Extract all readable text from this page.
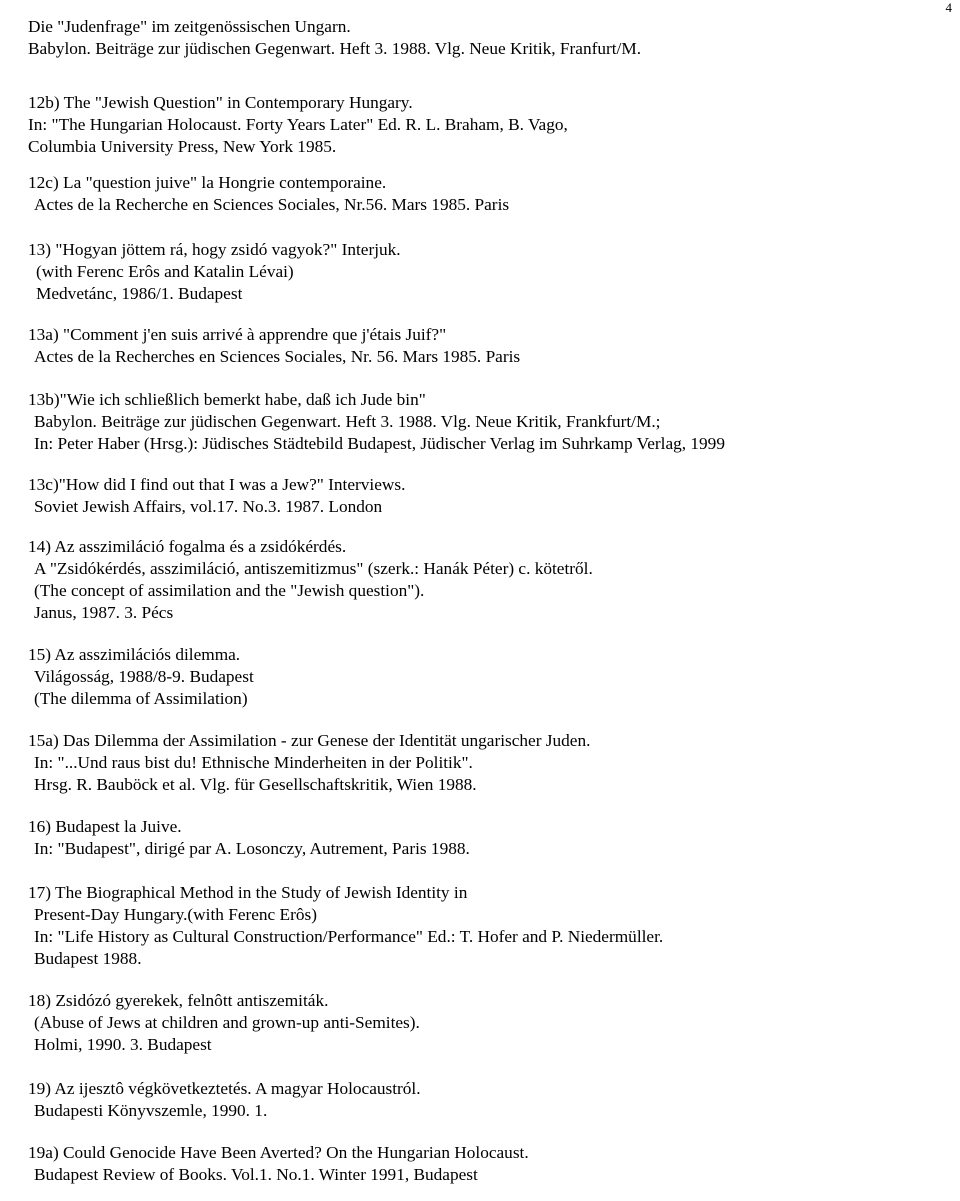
4
Die "Judenfrage" im zeitgenössischen Ungarn.
Babylon. Beiträge zur jüdischen Gegenwart. Heft 3. 1988. Vlg. Neue Kritik, Franfurt/M.
12b) The "Jewish Question" in Contemporary Hungary.
In: "The Hungarian Holocaust. Forty Years Later" Ed. R. L. Braham, B. Vago,
Columbia University Press, New York 1985.
12c) La "question juive" la Hongrie contemporaine.
Actes de la Recherche en Sciences Sociales, Nr.56. Mars 1985. Paris
13) "Hogyan jöttem rá, hogy zsidó vagyok?" Interjuk.
(with Ferenc Erôs and Katalin Lévai)
Medvetánc, 1986/1. Budapest
13a) "Comment j'en suis arrivé à apprendre que j'étais Juif?"
Actes de la Recherches en Sciences Sociales, Nr. 56. Mars 1985. Paris
13b)"Wie ich schließlich bemerkt habe, daß ich Jude bin"
Babylon. Beiträge zur jüdischen Gegenwart. Heft 3. 1988. Vlg. Neue Kritik, Frankfurt/M.;
In: Peter Haber (Hrsg.): Jüdisches Städtebild Budapest, Jüdischer Verlag im Suhrkamp Verlag, 1999
13c)"How did I find out that I was a Jew?" Interviews.
Soviet Jewish Affairs, vol.17. No.3. 1987. London
14) Az asszimiláció fogalma és a zsidókérdés.
A "Zsidókérdés, asszimiláció, antiszemitizmus" (szerk.: Hanák Péter) c. kötetről.
(The concept of assimilation and the "Jewish question").
Janus, 1987. 3. Pécs
15) Az asszimilációs dilemma.
Világosság, 1988/8-9. Budapest
(The dilemma of Assimilation)
15a) Das Dilemma der Assimilation - zur Genese der Identität ungarischer Juden.
In: "...Und raus bist du! Ethnische Minderheiten in der Politik".
Hrsg. R. Bauböck et al. Vlg. für Gesellschaftskritik, Wien 1988.
16) Budapest la Juive.
In: "Budapest", dirigé par A. Losonczy, Autrement, Paris 1988.
17) The Biographical Method in the Study of Jewish Identity in
Present-Day Hungary.(with Ferenc Erôs)
In: "Life History as Cultural Construction/Performance" Ed.: T. Hofer and P. Niedermüller.
Budapest 1988.
18) Zsidózó gyerekek, felnôtt antiszemiták.
(Abuse of Jews at children and grown-up anti-Semites).
Holmi, 1990. 3. Budapest
19) Az ijesztô végkövetkeztetés. A magyar Holocaustról.
Budapesti Könyvszemle, 1990. 1.
19a) Could Genocide Have Been Averted? On the Hungarian Holocaust.
Budapest Review of Books. Vol.1. No.1. Winter 1991, Budapest
